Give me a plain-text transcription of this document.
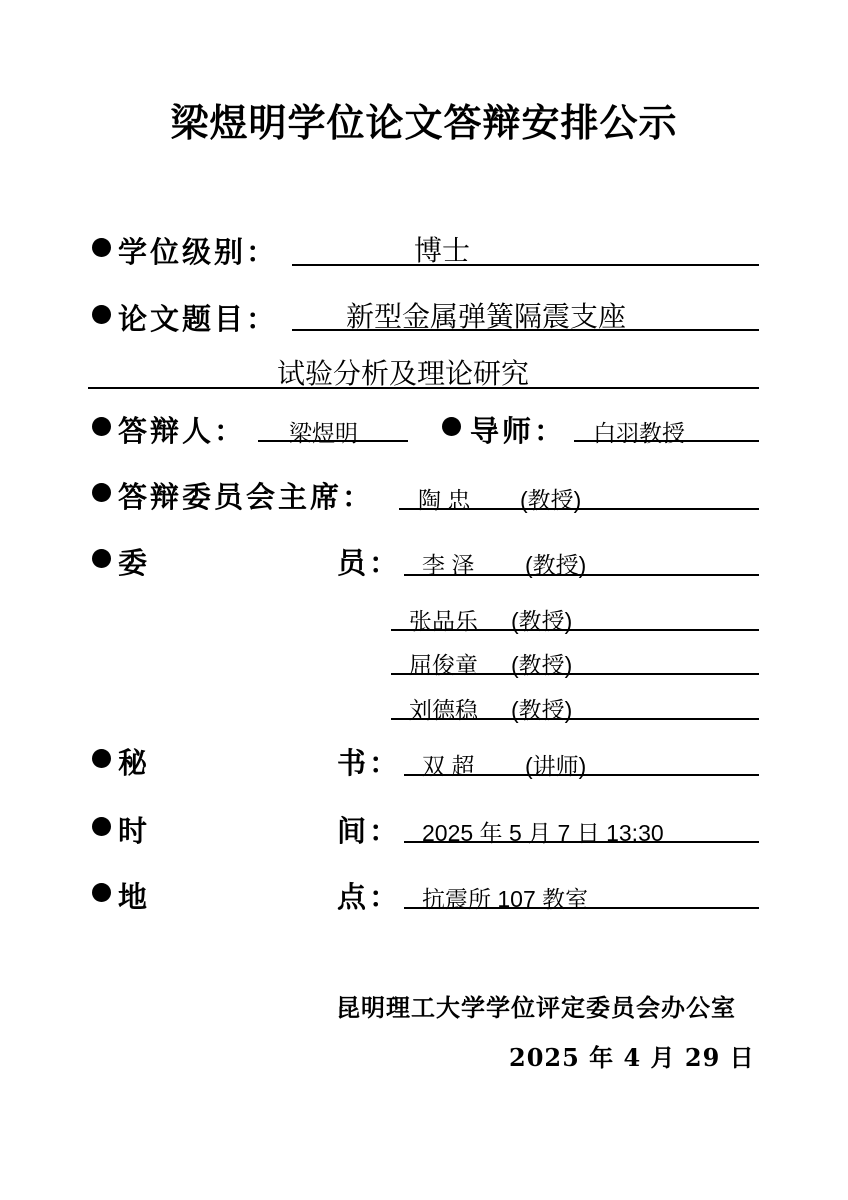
梁煜明学位论文答辩安排公示
学位级别：	博士
论文题目： 新型金属弹簧隔震支座
试验分析及理论研究
答辩人： 梁煜明	导师： 白羽教授
答辩委员会主席： 陶 忠 (教授)
委	员： 李 泽 (教授)
张品乐 (教授)
屈俊童 (教授)
刘德稳 (教授)
秘	书： 双 超 (讲师)
时	间： 2025 年 5 月 7 日 13:30
地	点： 抗震所 107 教室
昆明理工大学学位评定委员会办公室
2025 年 4 月 29 日
